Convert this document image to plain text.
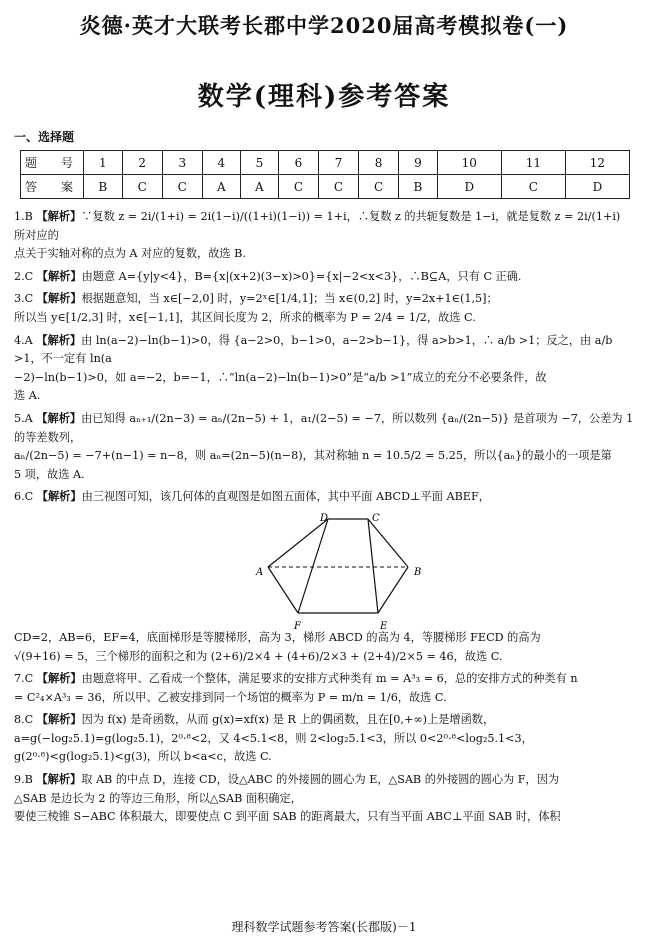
炎德·英才大联考长郡中学2020届高考模拟卷(一)
数学(理科)参考答案
一、选择题
题　号	1	2	3	4	5	6	7	8	9	10	11	12
答　案	B	C	C	A	A	C	C	C	B	D	C	D
1.B 【解析】∵复数 z = 2i/(1+i) = 2i(1−i)/((1+i)(1−i)) = 1+i，∴复数 z 的共轭复数是 1−i，就是复数 z = 2i/(1+i) 所对应的
点关于实轴对称的点为 A 对应的复数，故选 B.
2.C 【解析】由题意 A={y|y<4}，B={x|(x+2)(3−x)>0}={x|−2<x<3}，∴B⊆A，只有 C 正确.
3.C 【解析】根据题意知，当 x∈[−2,0] 时，y=2ˣ∈[1/4,1]；当 x∈(0,2] 时，y=2x+1∈(1,5]；
所以当 y∈[1/2,3] 时，x∈[−1,1]，其区间长度为 2，所求的概率为 P = 2/4 = 1/2，故选 C.
4.A 【解析】由 ln(a−2)−ln(b−1)>0，得 {a−2>0，b−1>0，a−2>b−1}，得 a>b>1，∴ a/b >1；反之，由 a/b >1，不一定有 ln(a
−2)−ln(b−1)>0，如 a=−2，b=−1，∴“ln(a−2)−ln(b−1)>0”是“a/b >1”成立的充分不必要条件，故
选 A.
5.A 【解析】由已知得 aₙ₊₁/(2n−3) = aₙ/(2n−5) + 1，a₁/(2−5) = −7，所以数列 {aₙ/(2n−5)} 是首项为 −7，公差为 1 的等差数列，
aₙ/(2n−5) = −7+(n−1) = n−8，则 aₙ=(2n−5)(n−8)，其对称轴 n = 10.5/2 = 5.25，所以{aₙ}的最小的一项是第
5 项，故选 A.
6.C 【解析】由三视图可知，该几何体的直观图是如图五面体，其中平面 ABCD⊥平面 ABEF，
D	C
A	B
F	E
CD=2，AB=6，EF=4，底面梯形是等腰梯形，高为 3，梯形 ABCD 的高为 4，等腰梯形 FECD 的高为
√(9+16) = 5，三个梯形的面积之和为 (2+6)/2×4 + (4+6)/2×3 + (2+4)/2×5 = 46，故选 C.
7.C 【解析】由题意将甲、乙看成一个整体，满足要求的安排方式种类有 m = A³₃ = 6，总的安排方式的种类有 n
= C²₄×A³₃ = 36，所以甲、乙被安排到同一个场馆的概率为 P = m/n = 1/6，故选 C.
8.C 【解析】因为 f(x) 是奇函数，从而 g(x)=xf(x) 是 R 上的偶函数，且在[0,+∞)上是增函数，
a=g(−log₂5.1)=g(log₂5.1)，2⁰·⁸<2，又 4<5.1<8，则 2<log₂5.1<3，所以 0<2⁰·⁸<log₂5.1<3，
g(2⁰·⁸)<g(log₂5.1)<g(3)，所以 b<a<c，故选 C.
9.B 【解析】取 AB 的中点 D，连接 CD，设△ABC 的外接圆的圆心为 E，△SAB 的外接圆的圆心为 F，因为
△SAB 是边长为 2 的等边三角形，所以△SAB 面积确定，
要使三棱锥 S−ABC 体积最大，即要使点 C 到平面 SAB 的距离最大，只有当平面 ABC⊥平面 SAB 时，体积
理科数学试题参考答案(长郡版)－1
